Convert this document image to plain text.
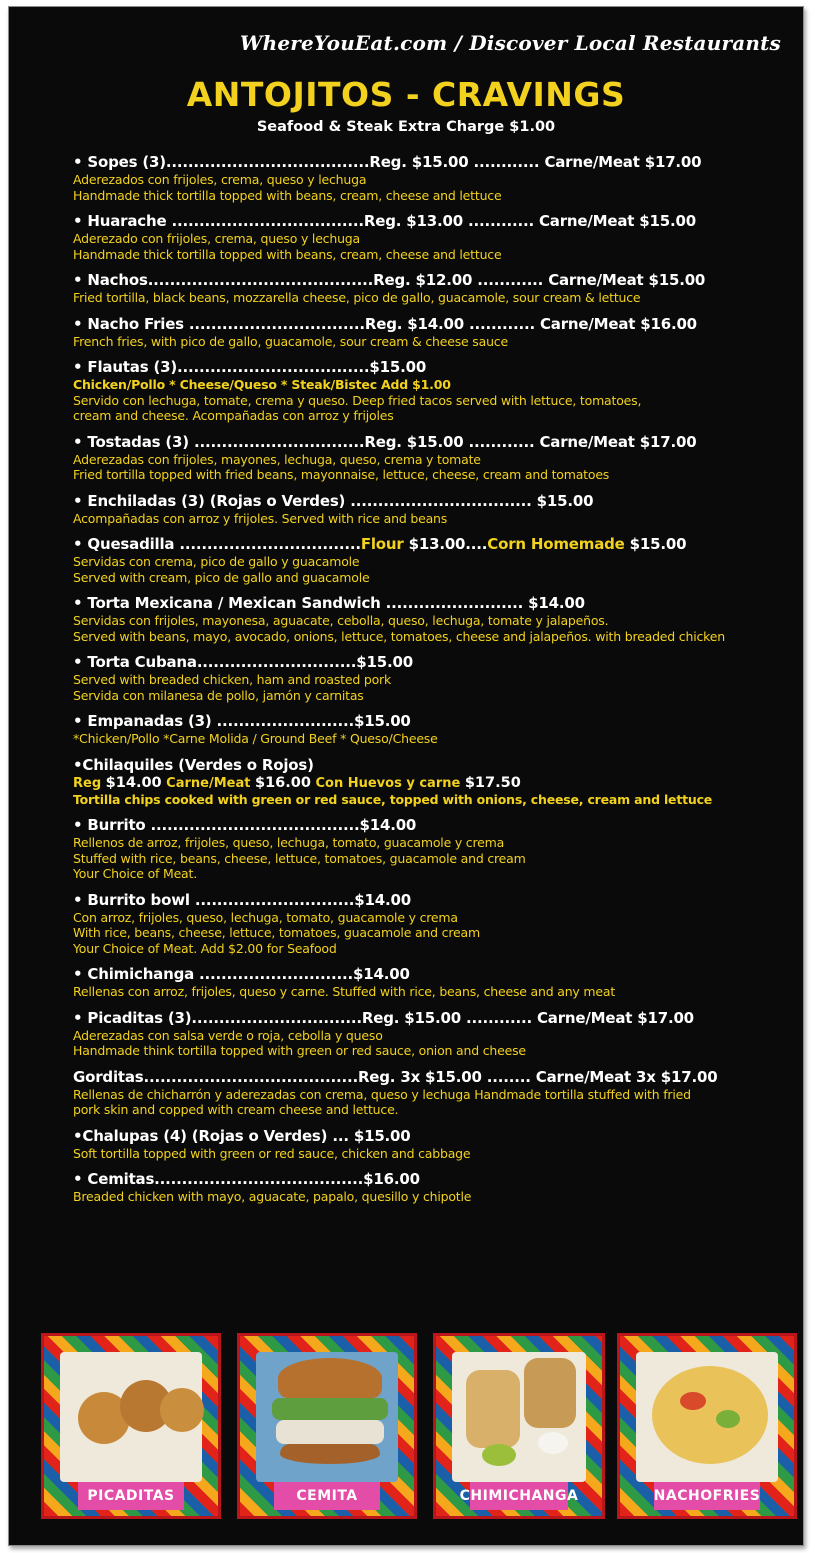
WhereYouEat.com / Discover Local Restaurants
ANTOJITOS - CRAVINGS
Seafood & Steak Extra Charge $1.00
• Sopes (3).....................................Reg. $15.00 ............ Carne/Meat $17.00
Aderezados con frijoles, crema, queso y lechuga
Handmade thick tortilla topped with beans, cream, cheese and lettuce
• Huarache ...................................Reg. $13.00 ............ Carne/Meat $15.00
Aderezado con frijoles, crema, queso y lechuga
Handmade thick tortilla topped with beans, cream, cheese and lettuce
• Nachos.........................................Reg. $12.00 ............ Carne/Meat $15.00
Fried tortilla, black beans, mozzarella cheese, pico de gallo, guacamole, sour cream & lettuce
• Nacho Fries ................................Reg. $14.00 ............ Carne/Meat $16.00
French fries, with pico de gallo, guacamole, sour cream & cheese sauce
• Flautas (3)...................................$15.00
Chicken/Pollo * Cheese/Queso * Steak/Bistec Add $1.00
Servido con lechuga, tomate, crema y queso. Deep fried tacos served with lettuce, tomatoes,
cream and cheese. Acompañadas con arroz y frijoles
• Tostadas (3) ...............................Reg. $15.00 ............ Carne/Meat $17.00
Aderezadas con frijoles, mayones, lechuga, queso, crema y tomate
Fried tortilla topped with fried beans, mayonnaise, lettuce, cheese, cream and tomatoes
• Enchiladas (3) (Rojas o Verdes) ................................. $15.00
Acompañadas con arroz y frijoles. Served with rice and beans
• Quesadilla .................................Flour $13.00....Corn Homemade $15.00
Servidas con crema, pico de gallo y guacamole
Served with cream, pico de gallo and guacamole
• Torta Mexicana / Mexican Sandwich ......................... $14.00
Servidas con frijoles, mayonesa, aguacate, cebolla, queso, lechuga, tomate y jalapeños.
Served with beans, mayo, avocado, onions, lettuce, tomatoes, cheese and jalapeños. with breaded chicken
• Torta Cubana.............................$15.00
Served with breaded chicken, ham and roasted pork
Servida con milanesa de pollo, jamón y carnitas
• Empanadas (3) .........................$15.00
*Chicken/Pollo *Carne Molida / Ground Beef * Queso/Cheese
•Chilaquiles (Verdes o Rojos)
Reg $14.00 Carne/Meat $16.00 Con Huevos y carne $17.50
Tortilla chips cooked with green or red sauce, topped with onions, cheese, cream and lettuce
• Burrito ......................................$14.00
Rellenos de arroz, frijoles, queso, lechuga, tomato, guacamole y crema
Stuffed with rice, beans, cheese, lettuce, tomatoes, guacamole and cream
Your Choice of Meat.
• Burrito bowl .............................$14.00
Con arroz, frijoles, queso, lechuga, tomato, guacamole y crema
With rice, beans, cheese, lettuce, tomatoes, guacamole and cream
Your Choice of Meat. Add $2.00 for Seafood
• Chimichanga ............................$14.00
Rellenas con arroz, frijoles, queso y carne. Stuffed with rice, beans, cheese and any meat
• Picaditas (3)...............................Reg. $15.00 ............ Carne/Meat $17.00
Aderezadas con salsa verde o roja, cebolla y queso
Handmade think tortilla topped with green or red sauce, onion and cheese
Gorditas.......................................Reg. 3x $15.00 ........ Carne/Meat 3x $17.00
Rellenas de chicharrón y aderezadas con crema, queso y lechuga Handmade tortilla stuffed with fried
pork skin and copped with cream cheese and lettuce.
•Chalupas (4) (Rojas o Verdes) ... $15.00
Soft tortilla topped with green or red sauce, chicken and cabbage
• Cemitas......................................$16.00
Breaded chicken with mayo, aguacate, papalo, quesillo y chipotle
PICADITAS	CEMITA	CHIMICHANGA	NACHO FRIES
